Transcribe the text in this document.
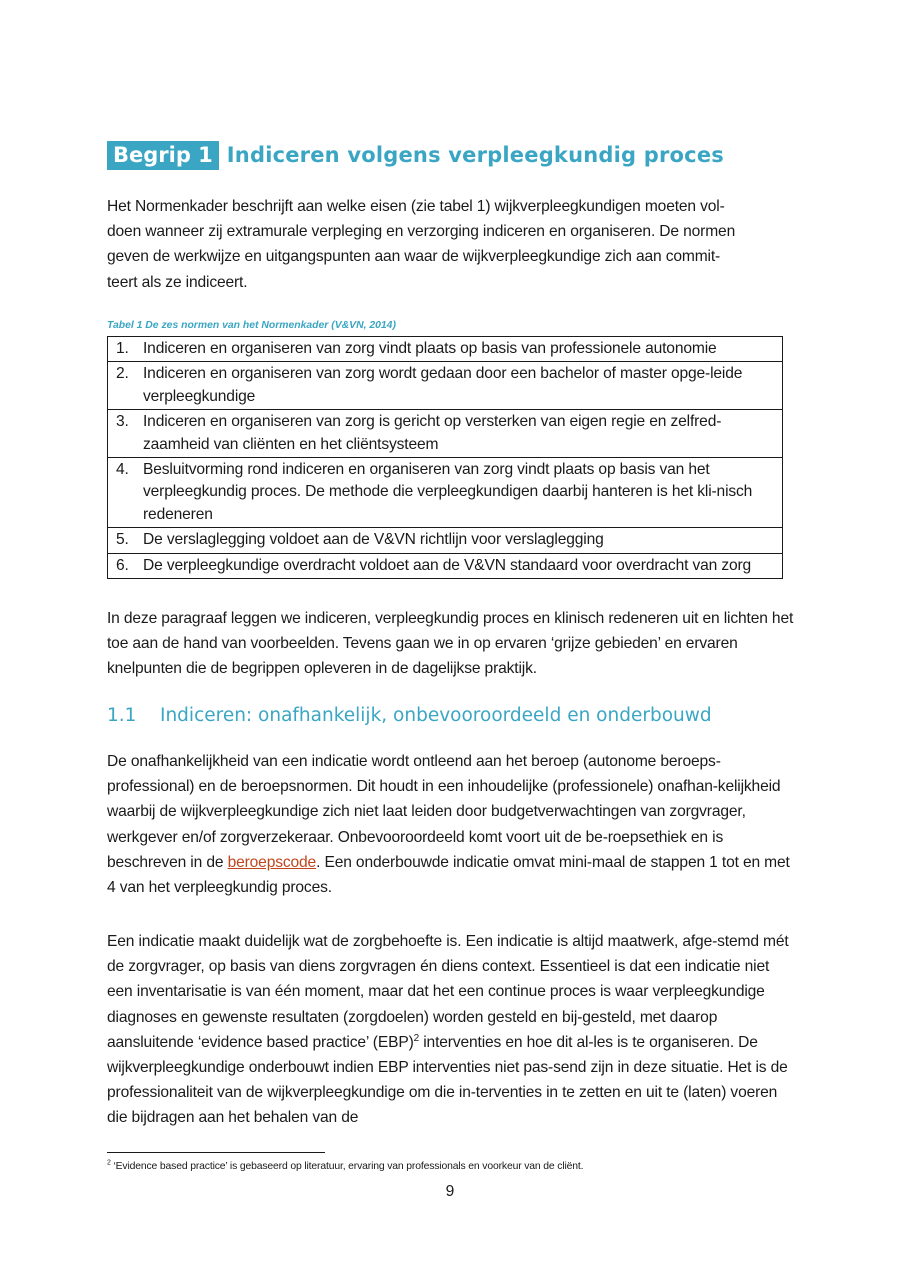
Begrip 1 Indiceren volgens verpleegkundig proces

Het Normenkader beschrijft aan welke eisen (zie tabel 1) wijkverpleegkundigen moeten vol-

doen wanneer zij extramurale verpleging en verzorging indiceren en organiseren. De normen

geven de werkwijze en uitgangspunten aan waar de wijkverpleegkundige zich aan commit-

teert als ze indiceert.

Tabel 1 De zes normen van het Normenkader (V&VN, 2014)
1. Indiceren en organiseren van zorg vindt plaats op basis van professionele autonomie

2. Indiceren en organiseren van zorg wordt gedaan door een bachelor of master opge-leide verpleegkundige

3. Indiceren en organiseren van zorg is gericht op versterken van eigen regie en zelfred-zaamheid van cliënten en het cliëntsysteem

4. Besluitvorming rond indiceren en organiseren van zorg vindt plaats op basis van het verpleegkundig proces. De methode die verpleegkundigen daarbij hanteren is het kli-nisch redeneren

5. De verslaglegging voldoet aan de V&VN richtlijn voor verslaglegging

6. De verpleegkundige overdracht voldoet aan de V&VN standaard voor overdracht van zorg

In deze paragraaf leggen we indiceren, verpleegkundig proces en klinisch redeneren uit en lichten het toe aan de hand van voorbeelden. Tevens gaan we in op ervaren ‘grijze gebieden’ en ervaren knelpunten die de begrippen opleveren in de dagelijkse praktijk.

1.1	Indiceren: onafhankelijk, onbevooroordeeld en onderbouwd

De onafhankelijkheid van een indicatie wordt ontleend aan het beroep (autonome beroeps-professional) en de beroepsnormen. Dit houdt in een inhoudelijke (professionele) onafhan-kelijkheid waarbij de wijkverpleegkundige zich niet laat leiden door budgetverwachtingen van zorgvrager, werkgever en/of zorgverzekeraar. Onbevooroordeeld komt voort uit de be-roepsethiek en is beschreven in de beroepscode. Een onderbouwde indicatie omvat mini-maal de stappen 1 tot en met 4 van het verpleegkundig proces.

Een indicatie maakt duidelijk wat de zorgbehoefte is. Een indicatie is altijd maatwerk, afge-stemd mét de zorgvrager, op basis van diens zorgvragen én diens context. Essentieel is dat een indicatie niet een inventarisatie is van één moment, maar dat het een continue proces is waar verpleegkundige diagnoses en gewenste resultaten (zorgdoelen) worden gesteld en bij-gesteld, met daarop aansluitende ‘evidence based practice’ (EBP)$^2$ interventies en hoe dit al-les is te organiseren. De wijkverpleegkundige onderbouwt indien EBP interventies niet pas-send zijn in deze situatie. Het is de professionaliteit van de wijkverpleegkundige om die in-terventies in te zetten en uit te (laten) voeren die bijdragen aan het behalen van de

$^2$ ‘Evidence based practice’ is gebaseerd op literatuur, ervaring van professionals en voorkeur van de cliënt.
9
